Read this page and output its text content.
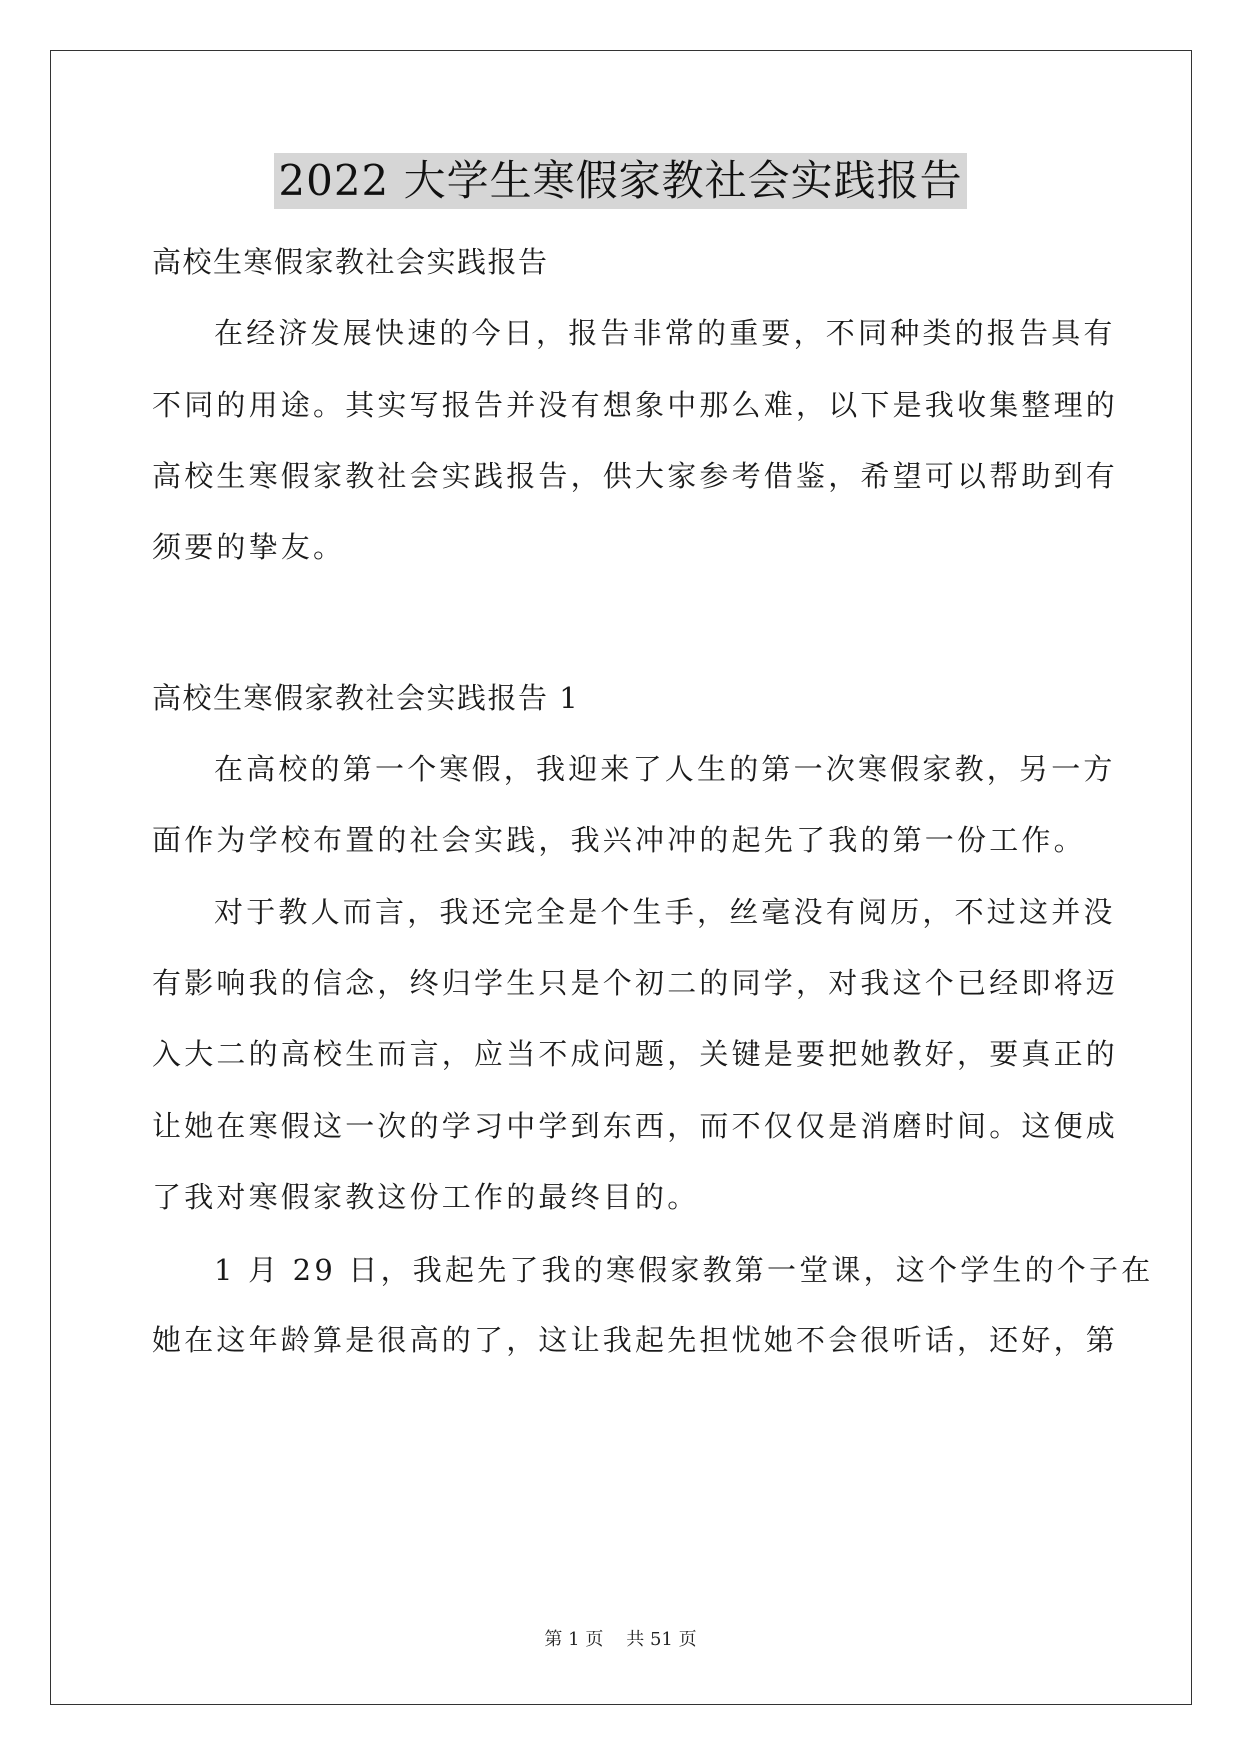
2022 大学生寒假家教社会实践报告
高校生寒假家教社会实践报告
在经济发展快速的今日，报告非常的重要，不同种类的报告具有
不同的用途。其实写报告并没有想象中那么难，以下是我收集整理的
高校生寒假家教社会实践报告，供大家参考借鉴，希望可以帮助到有
须要的挚友。
高校生寒假家教社会实践报告 1
在高校的第一个寒假，我迎来了人生的第一次寒假家教，另一方
面作为学校布置的社会实践，我兴冲冲的起先了我的第一份工作。
对于教人而言，我还完全是个生手，丝毫没有阅历，不过这并没
有影响我的信念，终归学生只是个初二的同学，对我这个已经即将迈
入大二的高校生而言，应当不成问题，关键是要把她教好，要真正的
让她在寒假这一次的学习中学到东西，而不仅仅是消磨时间。这便成
了我对寒假家教这份工作的最终目的。
1 月 29 日，我起先了我的寒假家教第一堂课，这个学生的个子在
她在这年龄算是很高的了，这让我起先担忧她不会很听话，还好，第
第 1 页 共 51 页
